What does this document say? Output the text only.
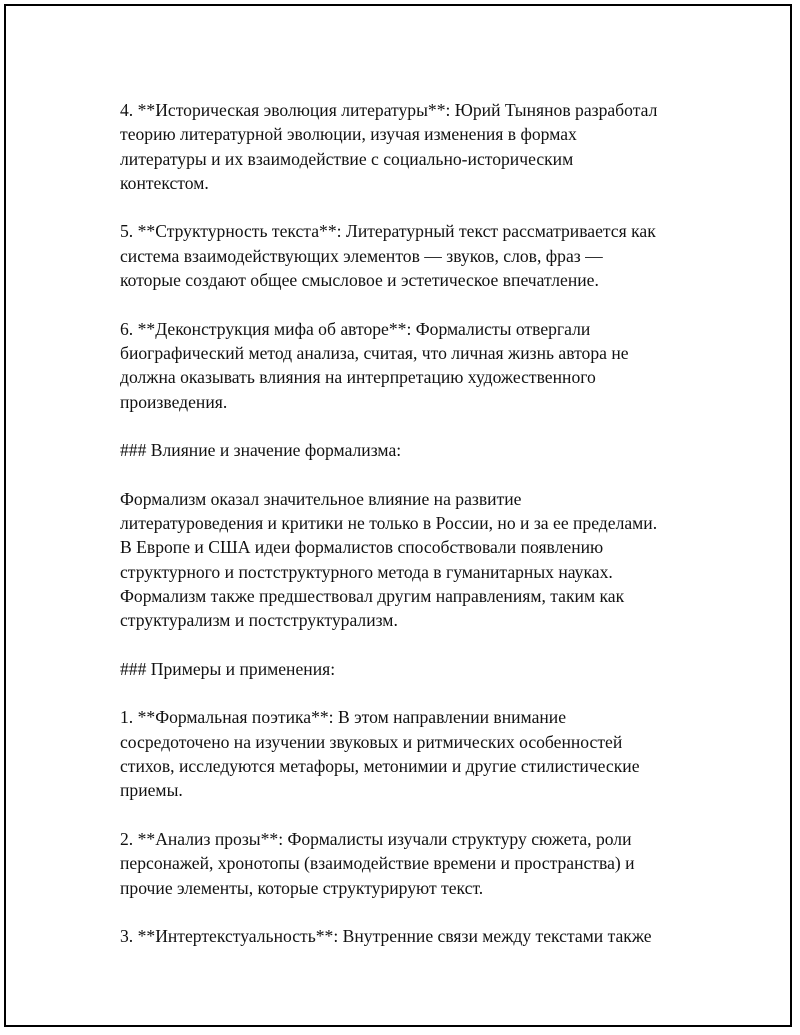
4. **Историческая эволюция литературы**: Юрий Тынянов разработал
теорию литературной эволюции, изучая изменения в формах
литературы и их взаимодействие с социально-историческим
контекстом.

5. **Структурность текста**: Литературный текст рассматривается как
система взаимодействующих элементов — звуков, слов, фраз —
которые создают общее смысловое и эстетическое впечатление.

6. **Деконструкция мифа об авторе**: Формалисты отвергали
биографический метод анализа, считая, что личная жизнь автора не
должна оказывать влияния на интерпретацию художественного
произведения.

### Влияние и значение формализма:

Формализм оказал значительное влияние на развитие
литературоведения и критики не только в России, но и за ее пределами.
В Европе и США идеи формалистов способствовали появлению
структурного и постструктурного метода в гуманитарных науках.
Формализм также предшествовал другим направлениям, таким как
структурализм и постструктурализм.

### Примеры и применения:

1. **Формальная поэтика**: В этом направлении внимание
сосредоточено на изучении звуковых и ритмических особенностей
стихов, исследуются метафоры, метонимии и другие стилистические
приемы.

2. **Анализ прозы**: Формалисты изучали структуру сюжета, роли
персонажей, хронотопы (взаимодействие времени и пространства) и
прочие элементы, которые структурируют текст.

3. **Интертекстуальность**: Внутренние связи между текстами также
